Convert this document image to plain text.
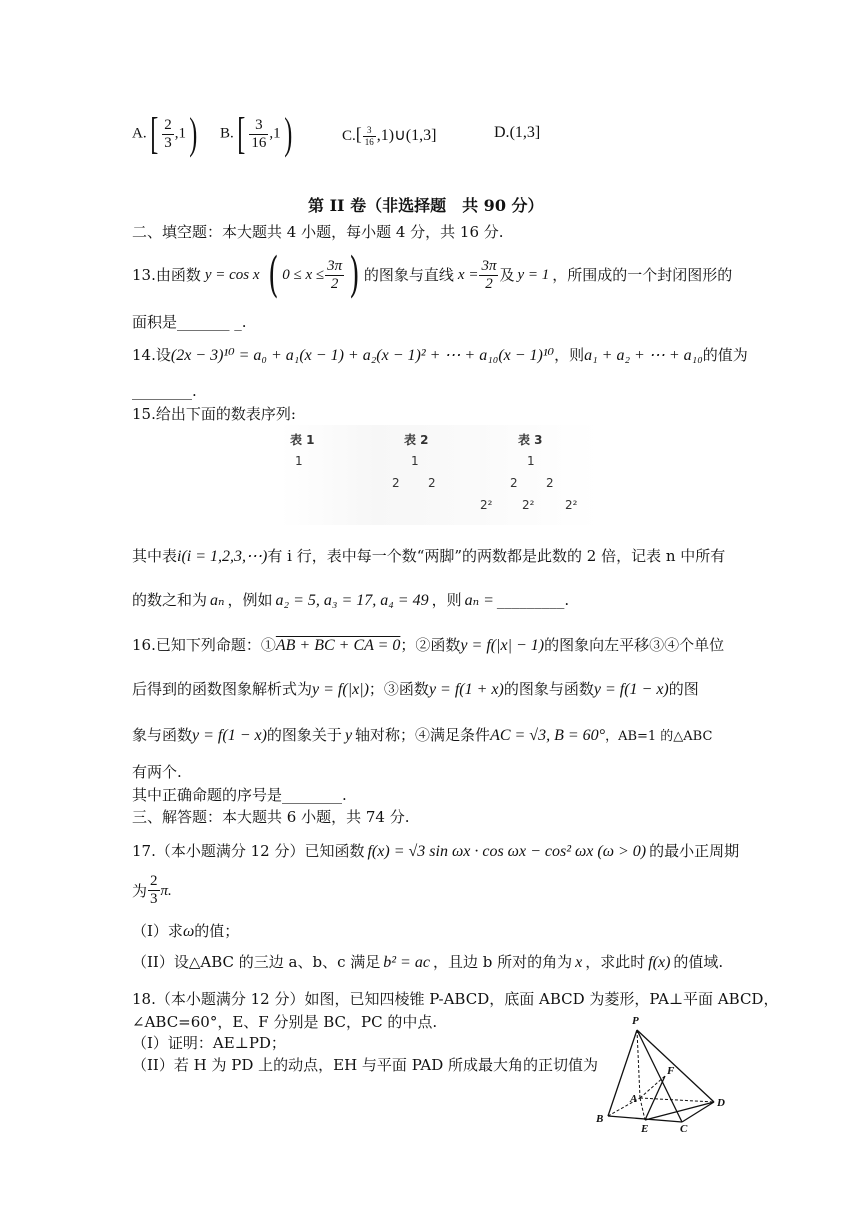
$A.[ \frac{2}{3} ,1)$ $B.[ \frac{3}{16} ,1)$	$C.[ \frac{3}{16}$ ,1)∪(1,3]	D.(1,3]
第 II 卷（非选择题　共 90 分）
二、填空题：本大题共 4 小题，每小题 4 分，共 16 分.
13.由函数 y = cos x ( $0 \le x \le \frac{3\pi}{2}$ ) 的图象与直线 $x = \frac{3\pi}{2}$ 及 y = 1 ，所围成的一个封闭图形的
面积是_______ _.
14.设(2x − 3)¹⁰ = a₀ + a₁(x − 1) + a₂(x − 1)² + ⋯ + a₁₀(x − 1)¹⁰，则a₁ + a₂ + ⋯ + a₁₀的值为
________.
15.给出下面的数表序列:
表 1
1
表 2
1
2 2
表 3
1
2 2
2² 2²	2²
其中表i(i = 1,2,3,⋯)有 i 行，表中每一个数“两脚”的两数都是此数的 2 倍，记表 n 中所有
的数之和为 aₙ ，例如 a₂ = 5, a₃ = 17, a₄ = 49 ，则 aₙ = _________.
16.已知下列命题：①AB + BC + CA = 0；②函数y = f(|x| − 1)的图象向左平移③④个单位
后得到的函数图象解析式为y = f(|x|)；③函数y = f(1 + x)的图象与函数y = f(1 − x)的图
象与函数y = f(1 − x)的图象关于 y 轴对称；④满足条件AC = √3, B = 60°，AB=1 的△ABC
有两个.
其中正确命题的序号是________.
三、解答题：本大题共 6 小题，共 74 分.
17.（本小题满分 12 分）已知函数 f(x) = √3 sin ωx · cos ωx − cos² ωx (ω > 0) 的最小正周期
为 $\frac{2}{3} \pi$.
（I）求ω的值；
（II）设△ABC 的三边 a、b、c 满足 b² = ac ，且边 b 所对的角为 x ，求此时 f(x) 的值域.
18.（本小题满分 12 分）如图，已知四棱锥 P-ABCD，底面 ABCD 为菱形，PA⊥平面 ABCD，
∠ABC=60°，E、F 分别是 BC，PC 的中点.
（I）证明：AE⊥PD；
（II）若 H 为 PD 上的动点，EH 与平面 PAD 所成最大角的正切值为
P
A
B
C
D
E
F
